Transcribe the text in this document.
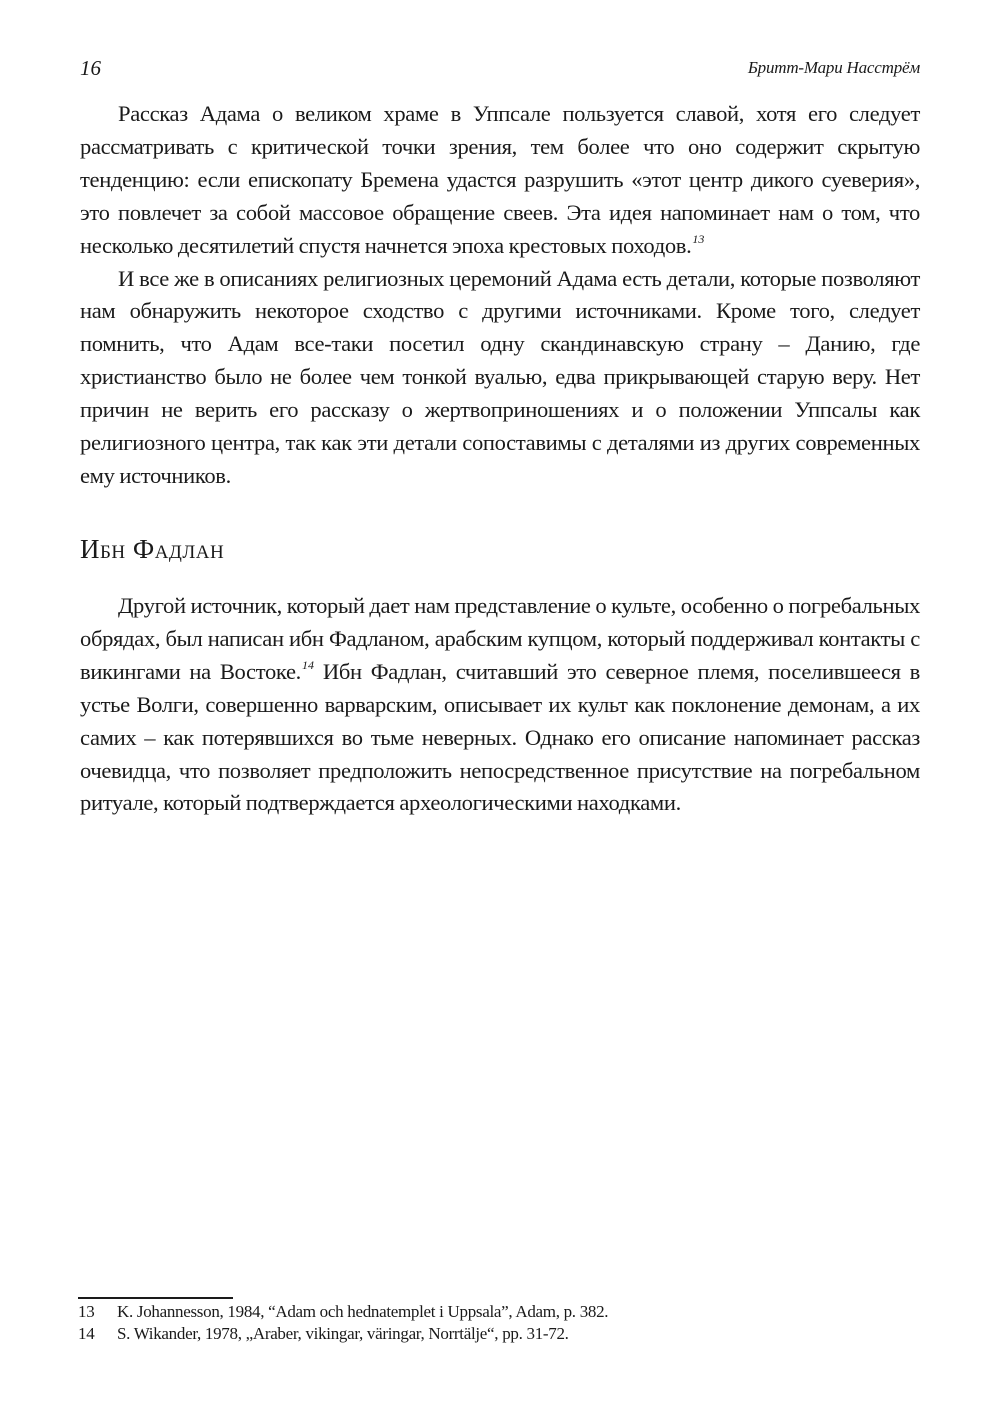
16	Бритт-Мари Насстрём

Рассказ Адама о великом храме в Уппсале пользуется славой, хотя его следует рассматривать с критической точки зрения, тем более что оно содержит скрытую тенденцию: если епископату Бремена удастся разрушить «этот центр дикого суеверия», это повлечет за собой массовое обращение свеев. Эта идея напоминает нам о том, что несколько десятилетий спустя начнется эпоха крестовых походов.$^{13}$

И все же в описаниях религиозных церемоний Адама есть детали, которые позволяют нам обнаружить некоторое сходство с другими источниками. Кроме того, следует помнить, что Адам все-таки посетил одну скандинавскую страну – Данию, где христианство было не более чем тонкой вуалью, едва прикрывающей старую веру. Нет причин не верить его рассказу о жертвоприношениях и о положении Уппсалы как религиозного центра, так как эти детали сопоставимы с деталями из других современных ему источников.

Ибн Фадлан

Другой источник, который дает нам представление о культе, особенно о погребальных обрядах, был написан ибн Фадланом, арабским купцом, который поддерживал контакты с викингами на Востоке.$^{14}$ Ибн Фадлан, считавший это северное племя, поселившееся в устье Волги, совершенно варварским, описывает их культ как поклонение демонам, а их самих – как потерявшихся во тьме неверных. Однако его описание напоминает рассказ очевидца, что позволяет предположить непосредственное присутствие на погребальном ритуале, который подтверждается археологическими находками.

13	K. Johannesson, 1984, “Adam och hednatemplet i Uppsala”, Adam, p. 382.
14	S. Wikander, 1978, „Araber, vikingar, väringar, Norrtälje“, pp. 31-72.
